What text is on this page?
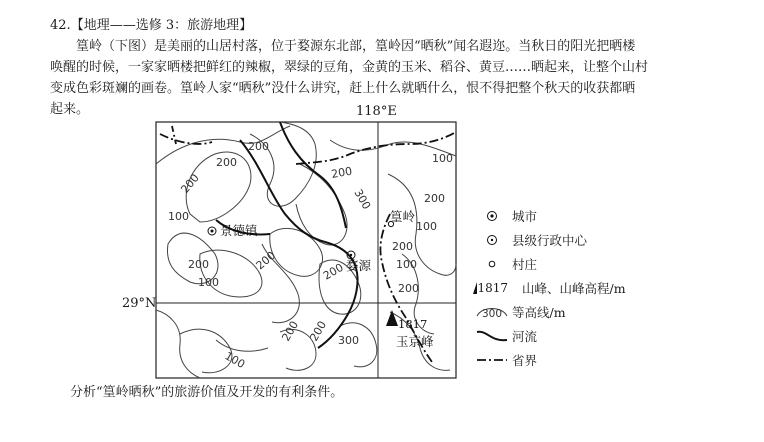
42.【地理——选修 3：旅游地理】

篁岭（下图）是美丽的山居村落，位于婺源东北部，篁岭因“晒秋”闻名遐迩。当秋日的阳光把晒楼

唤醒的时候，一家家晒楼把鲜红的辣椒，翠绿的豆角，金黄的玉米、稻谷、黄豆……晒起来，让整个山村

变成色彩斑斓的画卷。篁岭人家“晒秋”没什么讲究，赶上什么就晒什么，恨不得把整个秋天的收获都晒

起来。	118°E
29°N
200
200
200	200
100
100
300	200
100
200
100
200	200
200
300
200
100
200 200
100
景德镇
婺源
篁岭
1817
玉京峰
城市
县级行政中心
村庄
1817 山峰、山峰高程/m
300 等高线/m
河流
省界
分析“篁岭晒秋”的旅游价值及开发的有利条件。
